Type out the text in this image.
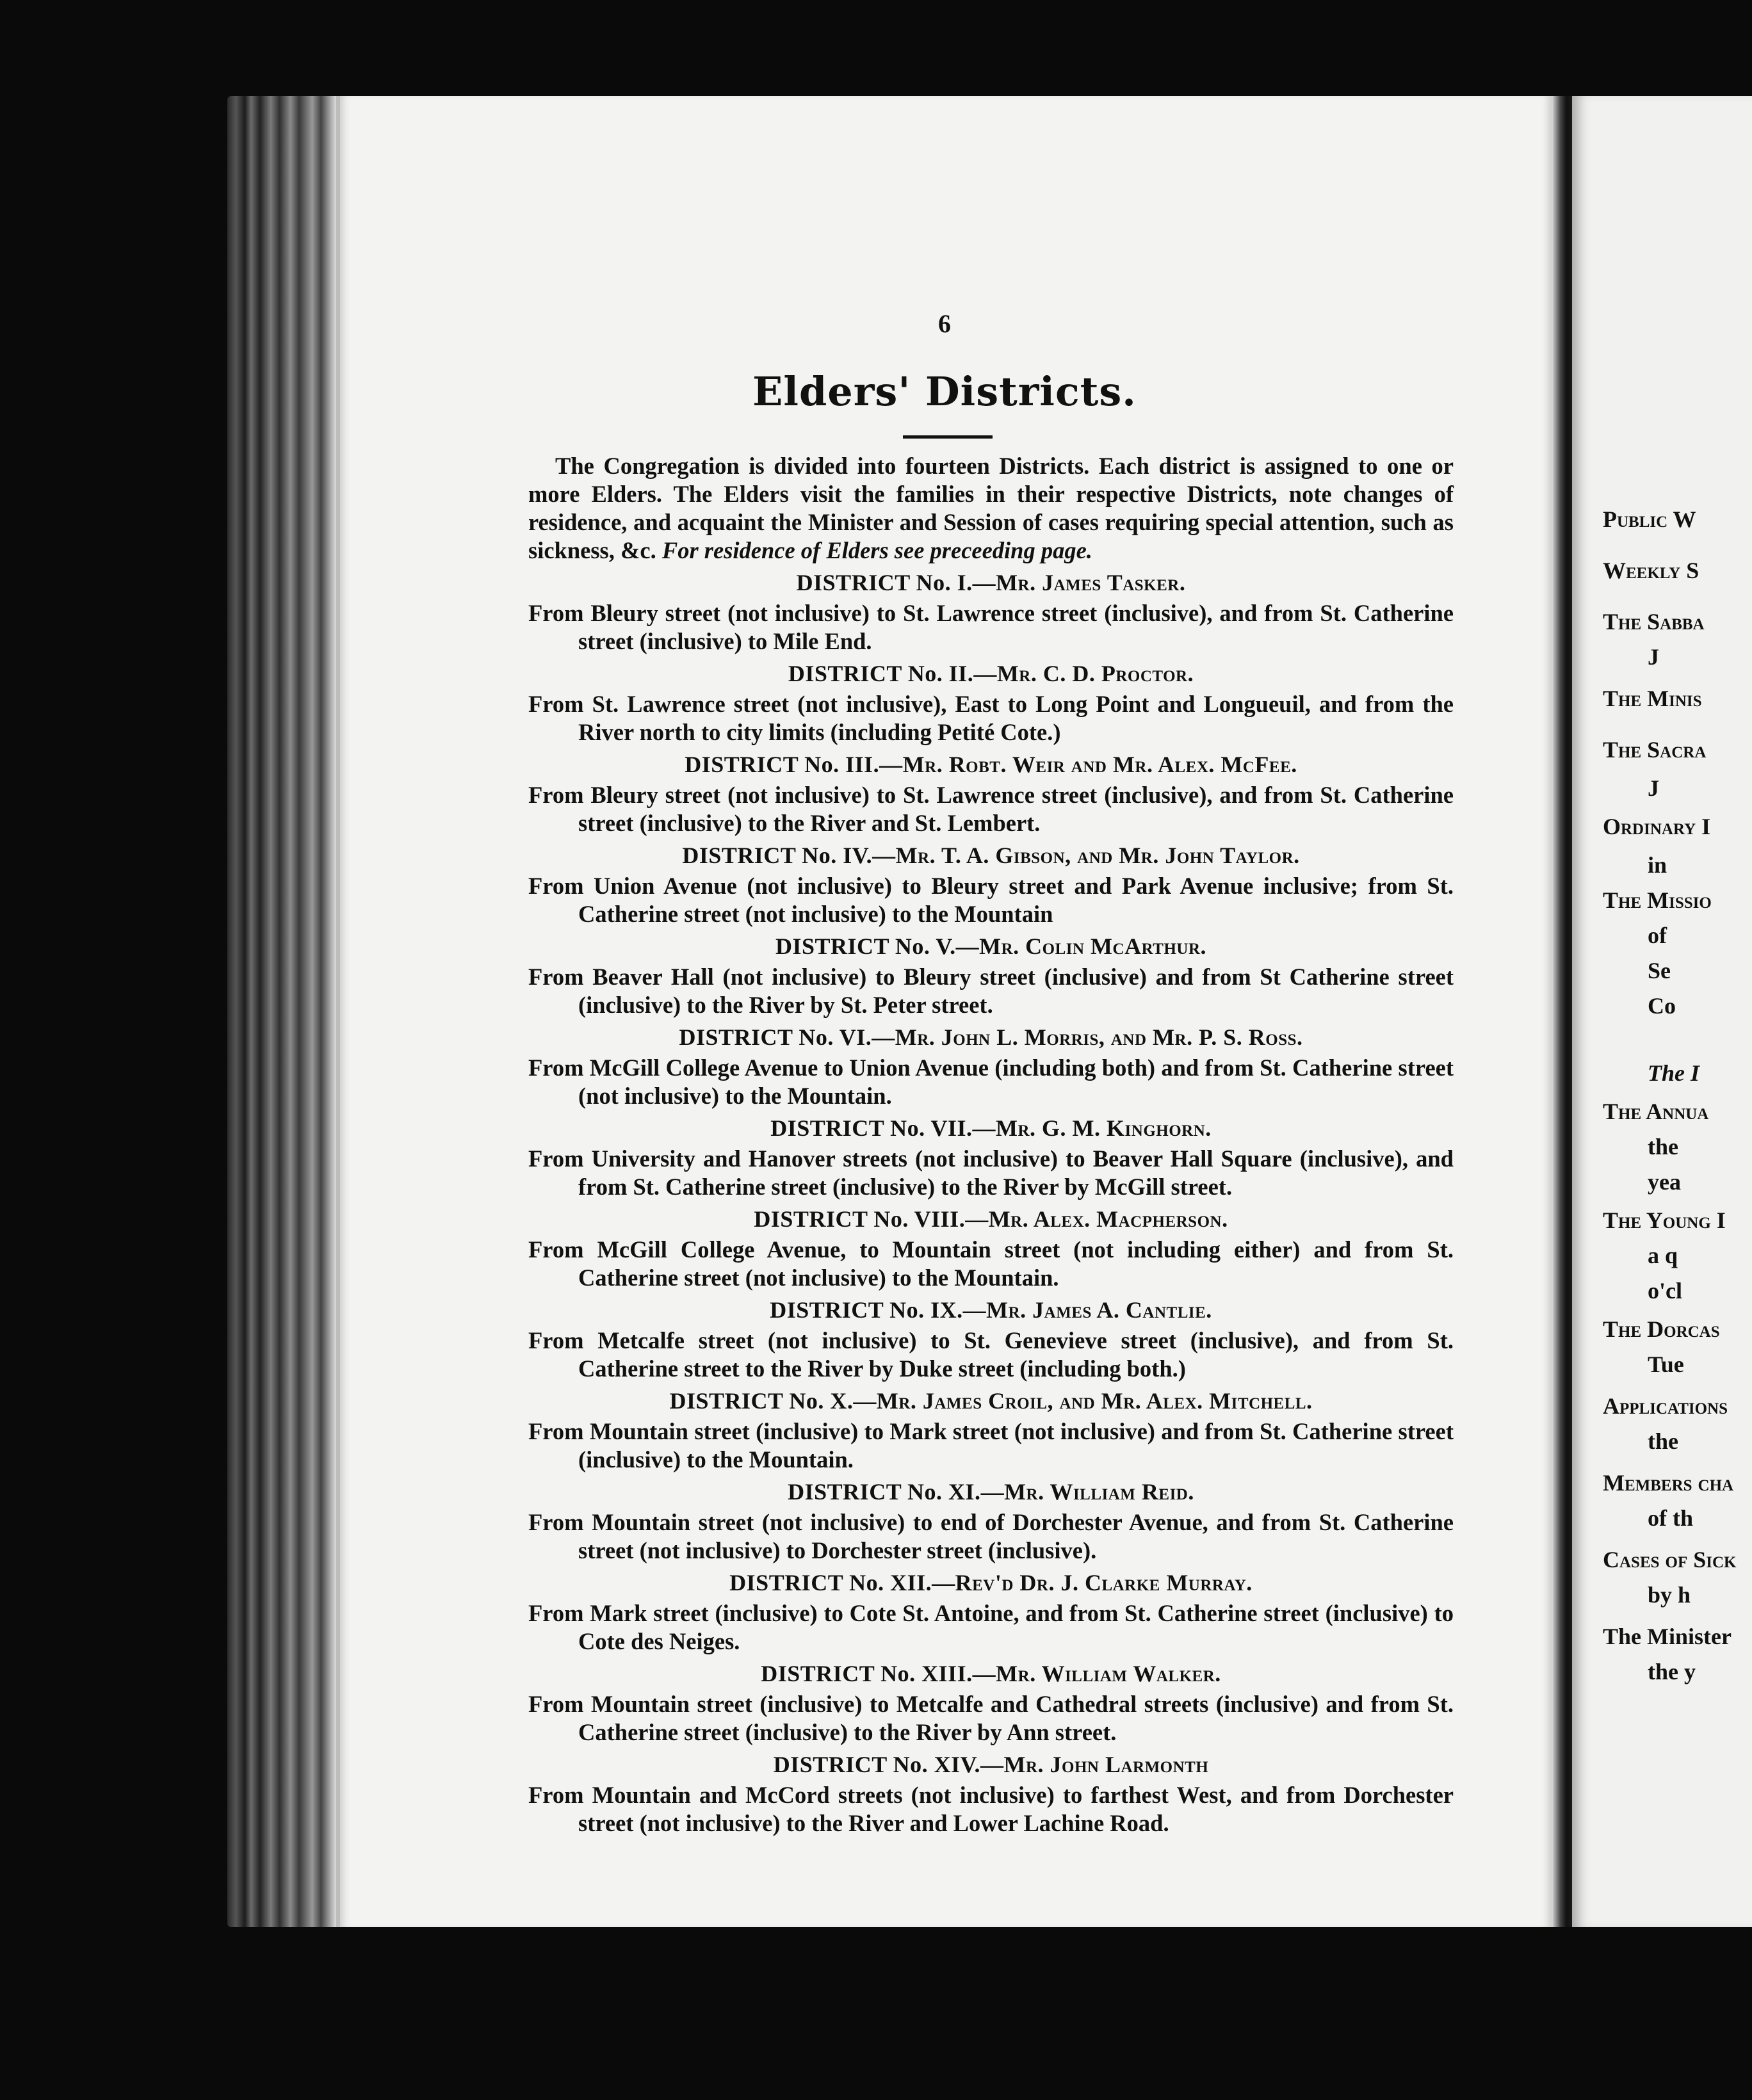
6
Elders' Districts.

The Congregation is divided into fourteen Districts. Each district is assigned to one or more Elders. The Elders visit the families in their respective Districts, note changes of residence, and acquaint the Minister and Session of cases requiring special attention, such as sickness, &c. For residence of Elders see preceeding page.

DISTRICT No. I.—Mr. James Tasker.
From Bleury street (not inclusive) to St. Lawrence street (inclusive), and from St. Catherine street (inclusive) to Mile End.
DISTRICT No. II.—Mr. C. D. Proctor.
From St. Lawrence street (not inclusive), East to Long Point and Longueuil, and from the River north to city limits (including Petité Cote.)
DISTRICT No. III.—Mr. Robt. Weir and Mr. Alex. McFee.
From Bleury street (not inclusive) to St. Lawrence street (inclusive), and from St. Catherine street (inclusive) to the River and St. Lembert.
DISTRICT No. IV.—Mr. T. A. Gibson, and Mr. John Taylor.
From Union Avenue (not inclusive) to Bleury street and Park Avenue inclusive; from St. Catherine street (not inclusive) to the Mountain
DISTRICT No. V.—Mr. Colin McArthur.
From Beaver Hall (not inclusive) to Bleury street (inclusive) and from St Catherine street (inclusive) to the River by St. Peter street.
DISTRICT No. VI.—Mr. John L. Morris, and Mr. P. S. Ross.
From McGill College Avenue to Union Avenue (including both) and from St. Catherine street (not inclusive) to the Mountain.
DISTRICT No. VII.—Mr. G. M. Kinghorn.
From University and Hanover streets (not inclusive) to Beaver Hall Square (inclusive), and from St. Catherine street (inclusive) to the River by McGill street.
DISTRICT No. VIII.—Mr. Alex. Macpherson.
From McGill College Avenue, to Mountain street (not including either) and from St. Catherine street (not inclusive) to the Mountain.
DISTRICT No. IX.—Mr. James A. Cantlie.
From Metcalfe street (not inclusive) to St. Genevieve street (inclusive), and from St. Catherine street to the River by Duke street (including both.)
DISTRICT No. X.—Mr. James Croil, and Mr. Alex. Mitchell.
From Mountain street (inclusive) to Mark street (not inclusive) and from St. Catherine street (inclusive) to the Mountain.
DISTRICT No. XI.—Mr. William Reid.
From Mountain street (not inclusive) to end of Dorchester Avenue, and from St. Catherine street (not inclusive) to Dorchester street (inclusive).
DISTRICT No. XII.—Rev'd Dr. J. Clarke Murray.
From Mark street (inclusive) to Cote St. Antoine, and from St. Catherine street (inclusive) to Cote des Neiges.
DISTRICT No. XIII.—Mr. William Walker.
From Mountain street (inclusive) to Metcalfe and Cathedral streets (inclusive) and from St. Catherine street (inclusive) to the River by Ann street.
DISTRICT No. XIV.—Mr. John Larmonth
From Mountain and McCord streets (not inclusive) to farthest West, and from Dorchester street (not inclusive) to the River and Lower Lachine Road.
Public W
Weekly S
The Sabba
J
The Minis
The Sacra
J
Ordinary I
in
The Missio
of
Se
Co
The I
The Annua
the
yea
The Young I
a q
o'cl
The Dorcas
Tue
Applications
the
Members cha
of th
Cases of Sick
by h
The Minister
the y
